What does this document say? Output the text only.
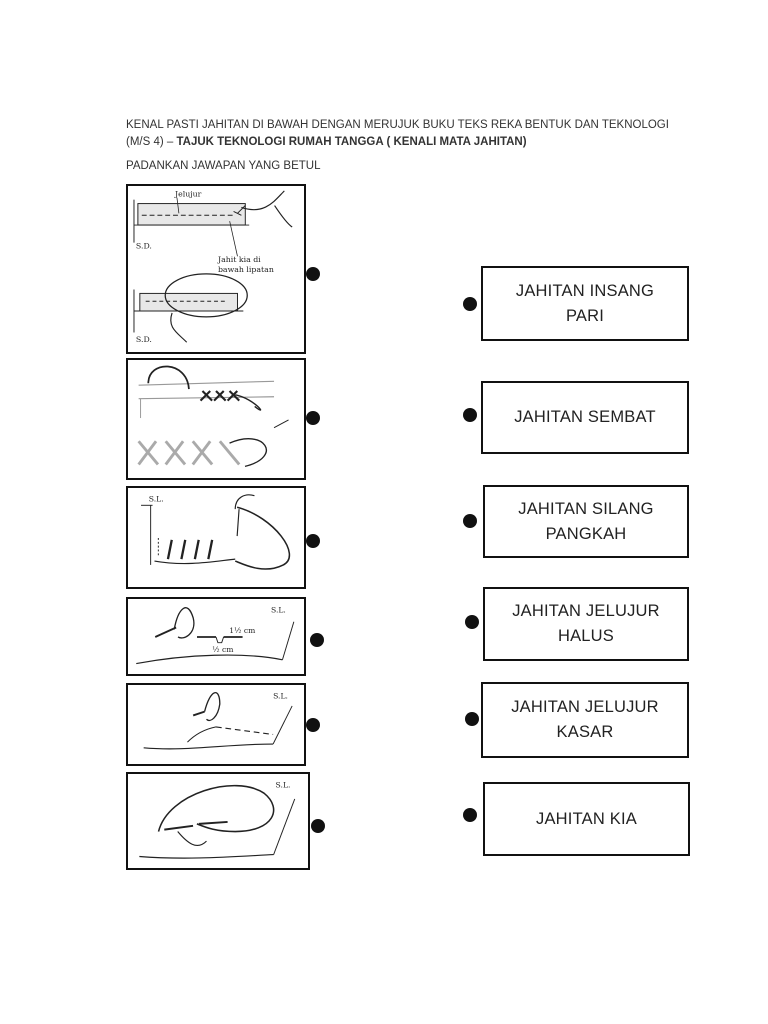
KENAL PASTI JAHITAN DI BAWAH DENGAN MERUJUK BUKU TEKS REKA BENTUK DAN TEKNOLOGI
(M/S 4) – TAJUK TEKNOLOGI RUMAH TANGGA ( KENALI MATA JAHITAN)
PADANKAN JAWAPAN YANG BETUL
Jelujur
S.D.
Jahit kia di
bawah lipatan
S.D.
S.L.
S.L.
1½ cm
½ cm
S.L.
S.L.
JAHITAN INSANG PARI
JAHITAN SEMBAT
JAHITAN SILANG PANGKAH
JAHITAN JELUJUR HALUS
JAHITAN JELUJUR KASAR
JAHITAN KIA
